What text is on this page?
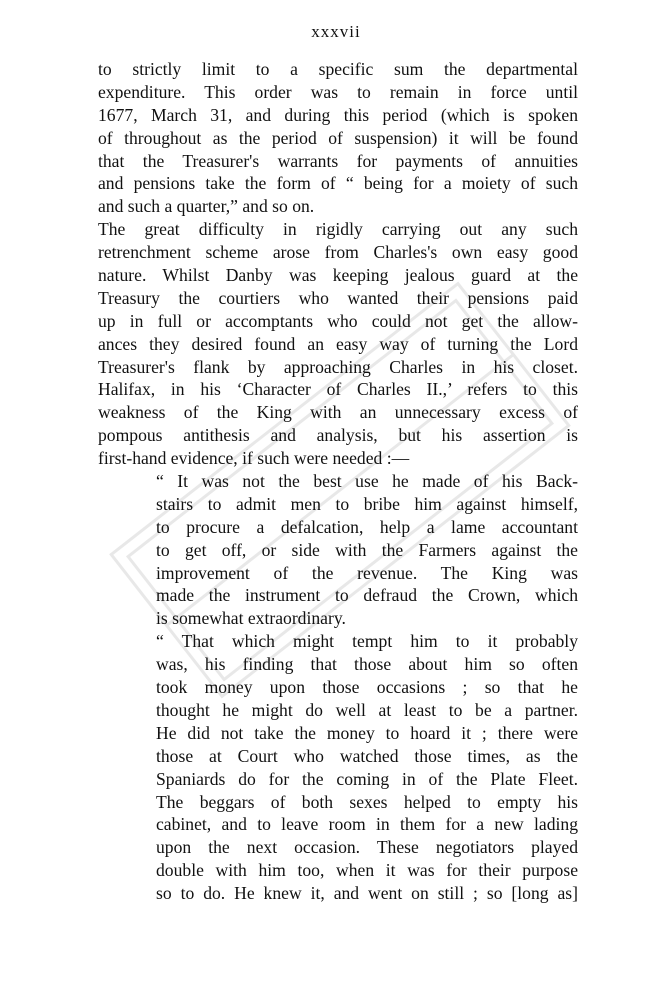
xxxvii
to strictly limit to a specific sum the departmental
expenditure. This order was to remain in force until
1677, March 31, and during this period (which is spoken
of throughout as the period of suspension) it will be found
that the Treasurer's warrants for payments of annuities
and pensions take the form of “ being for a moiety of such
and such a quarter,” and so on.
The great difficulty in rigidly carrying out any such
retrenchment scheme arose from Charles's own easy good
nature. Whilst Danby was keeping jealous guard at the
Treasury the courtiers who wanted their pensions paid
up in full or accomptants who could not get the allow-
ances they desired found an easy way of turning the Lord
Treasurer's flank by approaching Charles in his closet.
Halifax, in his ‘Character of Charles II.,’ refers to this
weakness of the King with an unnecessary excess of
pompous antithesis and analysis, but his assertion is
first-hand evidence, if such were needed :—
“ It was not the best use he made of his Back-
stairs to admit men to bribe him against himself,
to procure a defalcation, help a lame accountant
to get off, or side with the Farmers against the
improvement of the revenue. The King was
made the instrument to defraud the Crown, which
is somewhat extraordinary.
“ That which might tempt him to it probably
was, his finding that those about him so often
took money upon those occasions ; so that he
thought he might do well at least to be a partner.
He did not take the money to hoard it ; there were
those at Court who watched those times, as the
Spaniards do for the coming in of the Plate Fleet.
The beggars of both sexes helped to empty his
cabinet, and to leave room in them for a new lading
upon the next occasion. These negotiators played
double with him too, when it was for their purpose
so to do. He knew it, and went on still ; so [long as]
